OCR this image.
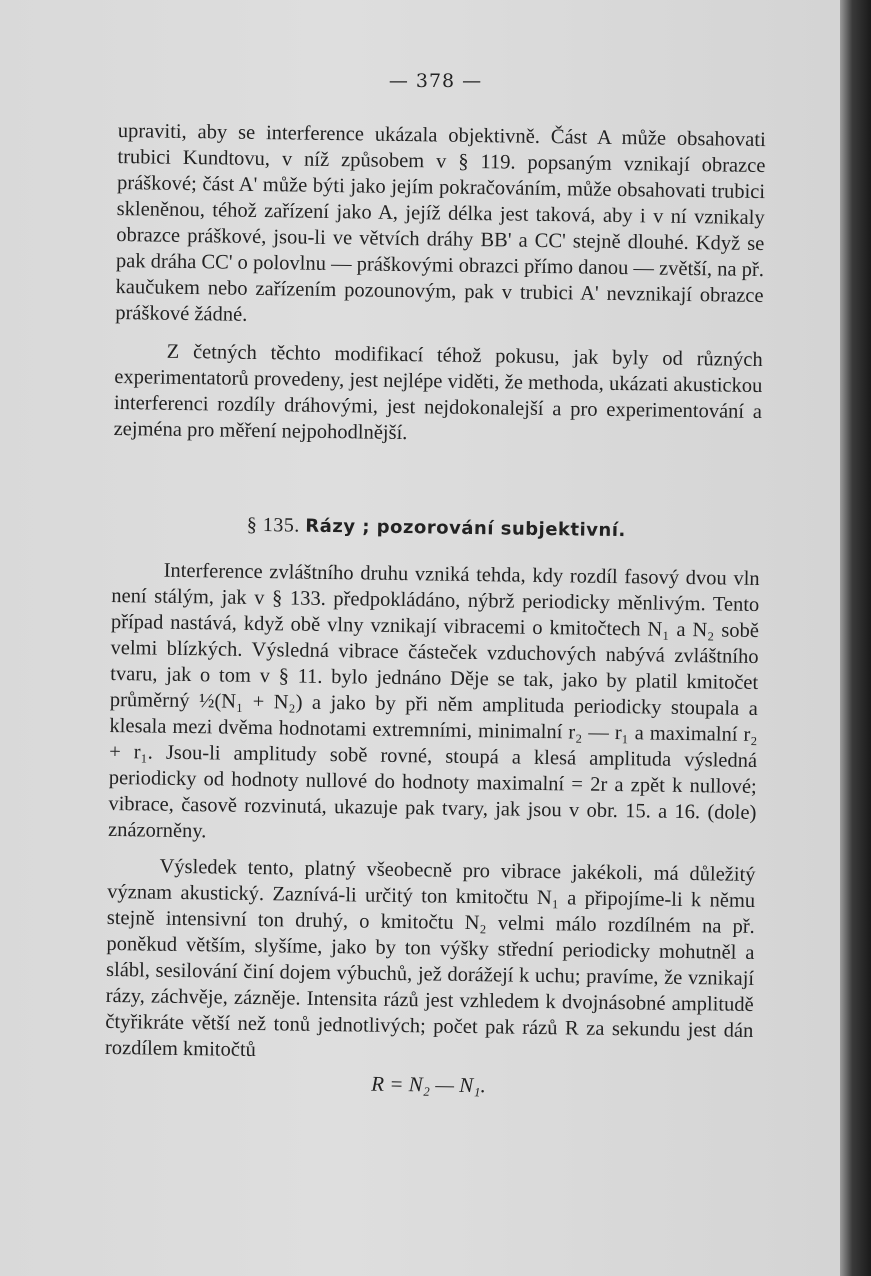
— 378 —

upraviti, aby se interference ukázala objektivně. Část A může obsahovati trubici Kundtovu, v níž způsobem v § 119. popsaným vznikají obrazce práškové; část A' může býti jako jejím pokračováním, může obsahovati trubici skleněnou, téhož zařízení jako A, jejíž délka jest taková, aby i v ní vznikaly obrazce práškové, jsou-li ve větvích dráhy BB' a CC' stejně dlouhé. Když se pak dráha CC' o polovlnu — práškovými obrazci přímo danou — zvětší, na př. kaučukem nebo zařízením pozounovým, pak v trubici A' nevznikají obrazce práškové žádné.

Z četných těchto modifikací téhož pokusu, jak byly od různých experimentatorů provedeny, jest nejlépe viděti, že methoda, ukázati akustickou interferenci rozdíly dráhovými, jest nejdokonalejší a pro experimentování a zejména pro měření nejpohodlnější.

§ 135. Rázy ; pozorování subjektivní.

Interference zvláštního druhu vzniká tehda, kdy rozdíl fasový dvou vln není stálým, jak v § 133. předpokládáno, nýbrž periodicky měnlivým. Tento případ nastává, když obě vlny vznikají vibracemi o kmitočtech N₁ a N₂ sobě velmi blízkých. Výsledná vibrace částeček vzduchových nabývá zvláštního tvaru, jak o tom v § 11. bylo jednáno Děje se tak, jako by platil kmitočet průměrný ½(N₁ + N₂) a jako by při něm amplituda periodicky stoupala a klesala mezi dvěma hodnotami extremními, minimalní r₂ — r₁ a maximalní r₂ + r₁. Jsou-li amplitudy sobě rovné, stoupá a klesá amplituda výsledná periodicky od hodnoty nullové do hodnoty maximalní = 2r a zpět k nullové; vibrace, časově rozvinutá, ukazuje pak tvary, jak jsou v obr. 15. a 16. (dole) znázorněny.

Výsledek tento, platný všeobecně pro vibrace jakékoli, má důležitý význam akustický. Zaznívá-li určitý ton kmitočtu N₁ a připojíme-li k němu stejně intensivní ton druhý, o kmitočtu N₂ velmi málo rozdílném na př. poněkud větším, slyšíme, jako by ton výšky střední periodicky mohutněl a slábl, sesilování činí dojem výbuchů, jež dorážejí k uchu; pravíme, že vznikají rázy, záchvěje, zázněje. Intensita rázů jest vzhledem k dvojnásobné amplitudě čtyřikráte větší než tonů jednotlivých; počet pak rázů R za sekundu jest dán rozdílem kmitočtů

R = N₂ — N₁.
